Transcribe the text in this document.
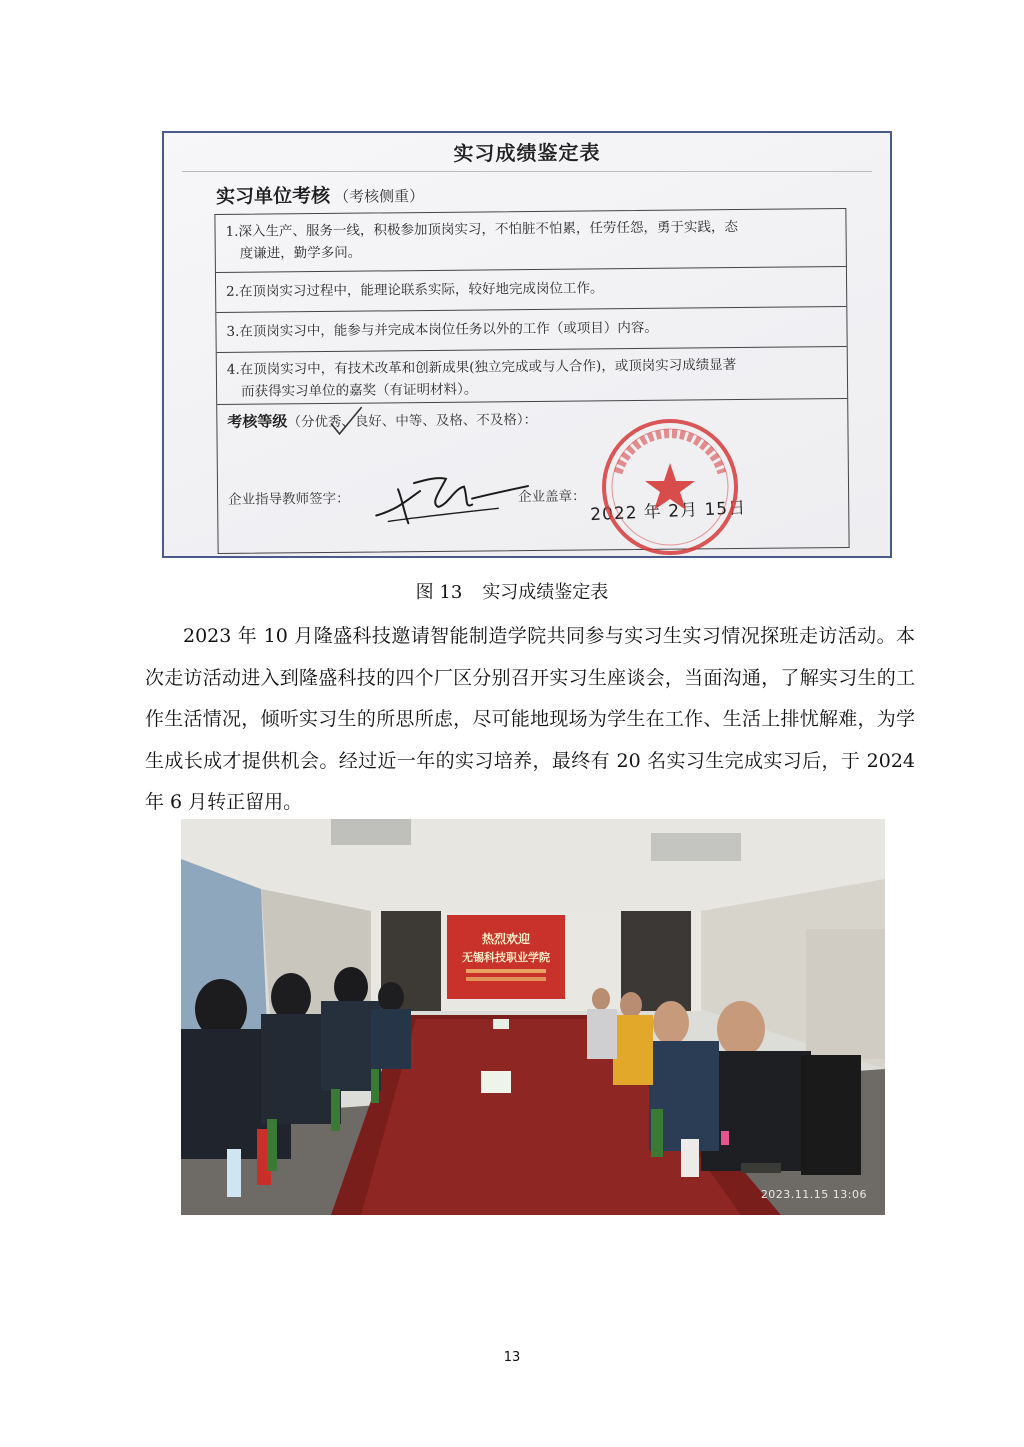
实习成绩鉴定表
实习单位考核 （考核侧重）
1.深入生产、服务一线，积极参加顶岗实习，不怕脏不怕累，任劳任怨，勇于实践，态
度谦进，勤学多问。
2.在顶岗实习过程中，能理论联系实际，较好地完成岗位工作。
3.在顶岗实习中，能参与并完成本岗位任务以外的工作（或项目）内容。
4.在顶岗实习中，有技术改革和创新成果(独立完成或与人合作)，或顶岗实习成绩显著
而获得实习单位的嘉奖（有证明材料）。
考核等级（分优秀、良好、中等、及格、不及格）：
企业指导教师签字：	企业盖章：
2022 年 2月 15日
图 13 实习成绩鉴定表
2023 年 10 月隆盛科技邀请智能制造学院共同参与实习生实习情况探班走访活动。本次走访活动进入到隆盛科技的四个厂区分别召开实习生座谈会，当面沟通，了解实习生的工作生活情况，倾听实习生的所思所虑，尽可能地现场为学生在工作、生活上排忧解难，为学生成长成才提供机会。经过近一年的实习培养，最终有 20 名实习生完成实习后，于 2024 年 6 月转正留用。
热烈欢迎
无锡科技职业学院
2023.11.15 13:06
13
